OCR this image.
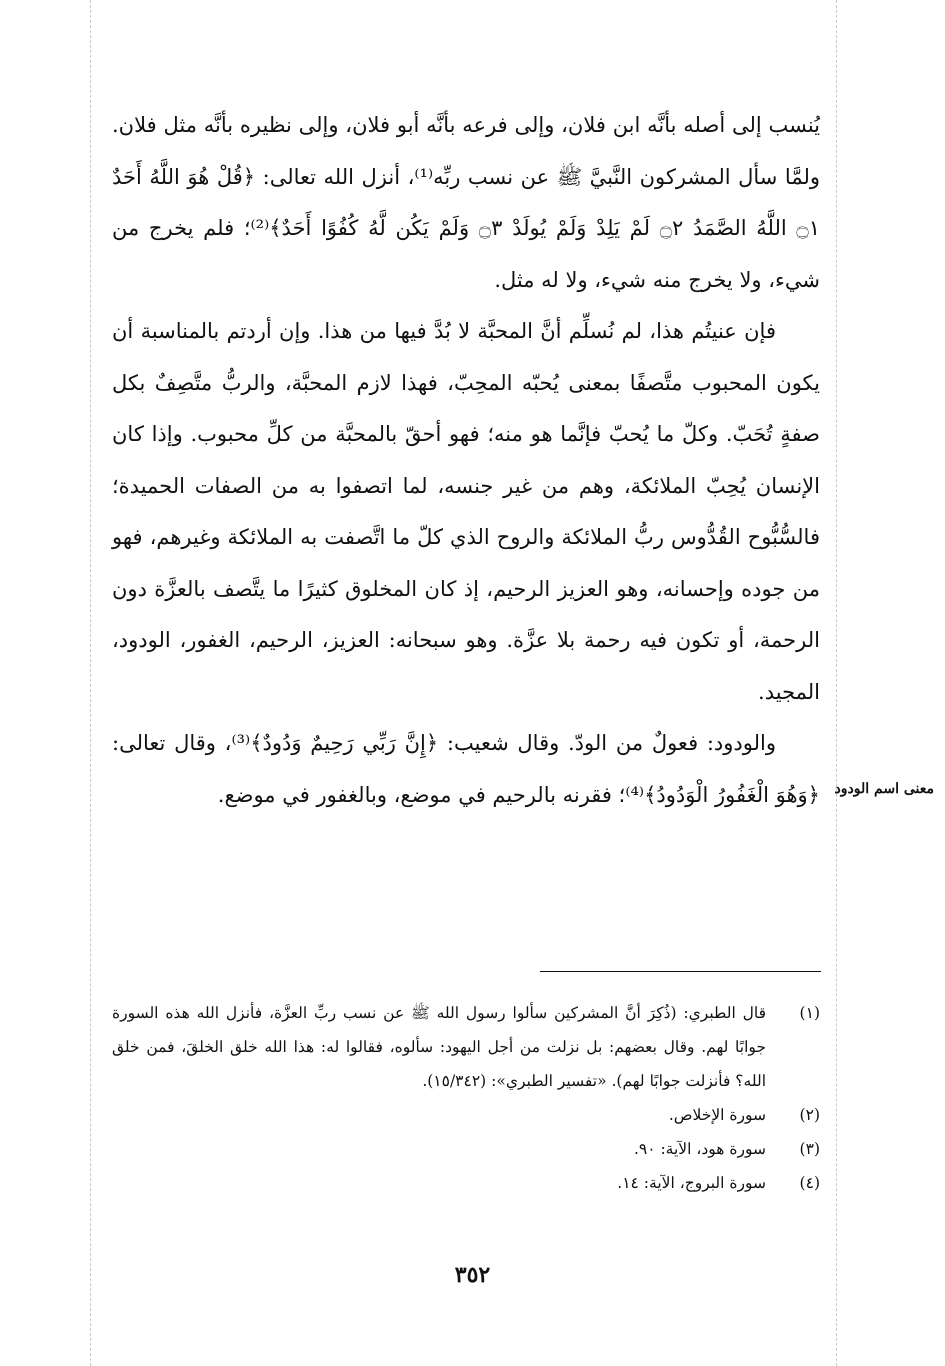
يُنسب إلى أصله بأنَّه ابن فلان، وإلى فرعه بأنَّه أبو فلان، وإلى نظيره بأنَّه مثل فلان. ولمَّا سأل المشركون النَّبيَّ ﷺ عن نسب ربِّه⁽¹⁾، أنزل الله تعالى: ﴿قُلْ هُوَ اللَّهُ أَحَدٌ ۝١ اللَّهُ الصَّمَدُ ۝٢ لَمْ يَلِدْ وَلَمْ يُولَدْ ۝٣ وَلَمْ يَكُن لَّهُ كُفُوًا أَحَدٌ﴾⁽²⁾؛ فلم يخرج من شيء، ولا يخرج منه شيء، ولا له مثل.

فإن عنيتُم هذا، لم نُسلِّم أنَّ المحبَّة لا بُدَّ فيها من هذا. وإن أردتم بالمناسبة أن يكون المحبوب متَّصفًا بمعنى يُحبّه المحِبّ، فهذا لازم المحبَّة، والربُّ متَّصِفٌ بكل صفةٍ تُحَبّ. وكلّ ما يُحبّ فإنَّما هو منه؛ فهو أحقّ بالمحبَّة من كلِّ محبوب. وإذا كان الإنسان يُحِبّ الملائكة، وهم من غير جنسه، لما اتصفوا به من الصفات الحميدة؛ فالسُّبُّوح القُدُّوس ربُّ الملائكة والروح الذي كلّ ما اتَّصفت به الملائكة وغيرهم، فهو من جوده وإحسانه، وهو العزيز الرحيم، إذ كان المخلوق كثيرًا ما يتَّصف بالعزَّة دون الرحمة، أو تكون فيه رحمة بلا عزَّة. وهو سبحانه: العزيز، الرحيم، الغفور، الودود، المجيد.

والودود: فعولٌ من الودّ. وقال شعيب: ﴿إِنَّ رَبِّي رَحِيمٌ وَدُودٌ﴾⁽³⁾، وقال تعالى: ﴿وَهُوَ الْغَفُورُ الْوَدُودُ﴾⁽⁴⁾؛ فقرنه بالرحيم في موضع، وبالغفور في موضع.	معنى اسم الودود
(١)
قال الطبري: (ذُكِرَ أنَّ المشركين سألوا رسول الله ﷺ عن نسب ربِّ العزَّة، فأنزل الله هذه السورة جوابًا لهم. وقال بعضهم: بل نزلت من أجل اليهود: سألوه، فقالوا له: هذا الله خلق الخلقَ، فمن خلق الله؟ فأنزلت جوابًا لهم). «تفسير الطبري»: (١٥/٣٤٢).
(٢)
سورة الإخلاص.
(٣)
سورة هود، الآية: ٩٠.
(٤)
سورة البروج، الآية: ١٤.
٣٥٢
